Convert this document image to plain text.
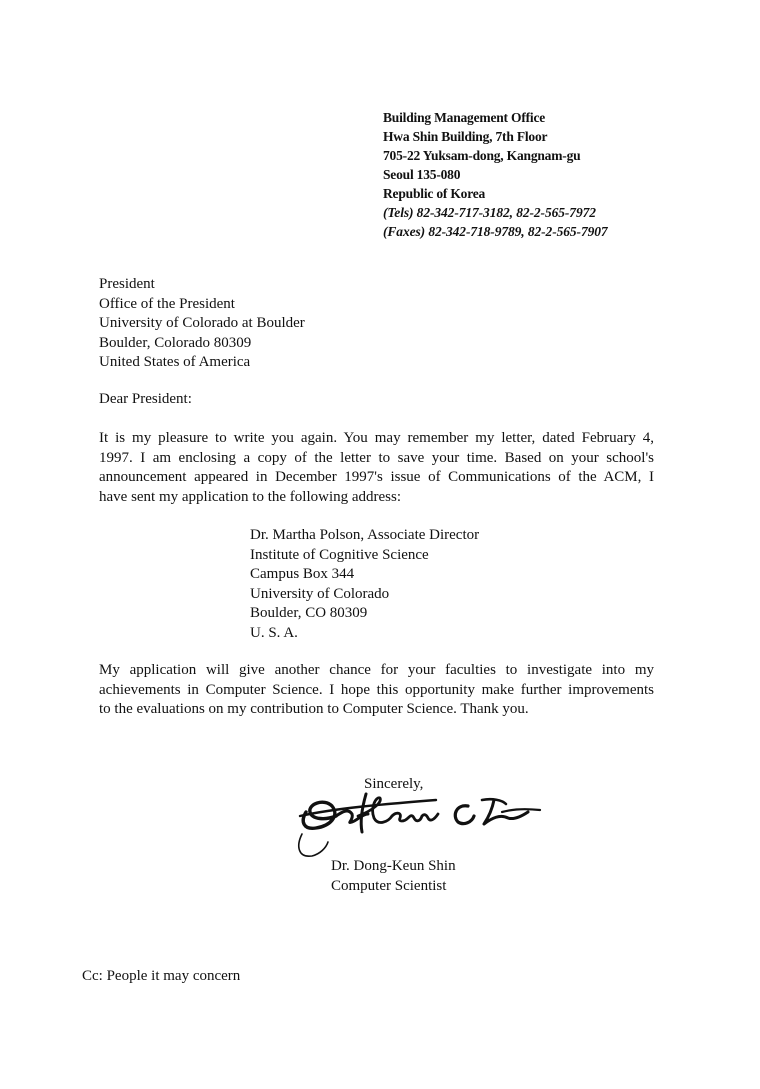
Building Management Office
Hwa Shin Building, 7th Floor
705-22 Yuksam-dong, Kangnam-gu
Seoul 135-080
Republic of Korea
(Tels) 82-342-717-3182, 82-2-565-7972
(Faxes) 82-342-718-9789, 82-2-565-7907
President
Office of the President
University of Colorado at Boulder
Boulder, Colorado 80309
United States of America
Dear President:
It is my pleasure to write you again. You may remember my letter, dated February 4,
1997. I am enclosing a copy of the letter to save your time. Based on your school's
announcement appeared in December 1997's issue of Communications of the ACM, I
have sent my application to the following address:
Dr. Martha Polson, Associate Director
Institute of Cognitive Science
Campus Box 344
University of Colorado
Boulder, CO 80309
U. S. A.
My application will give another chance for your faculties to investigate into my
achievements in Computer Science. I hope this opportunity make further improvements
to the evaluations on my contribution to Computer Science. Thank you.
Sincerely,
Dr. Dong-Keun Shin
Computer Scientist
Cc: People it may concern
